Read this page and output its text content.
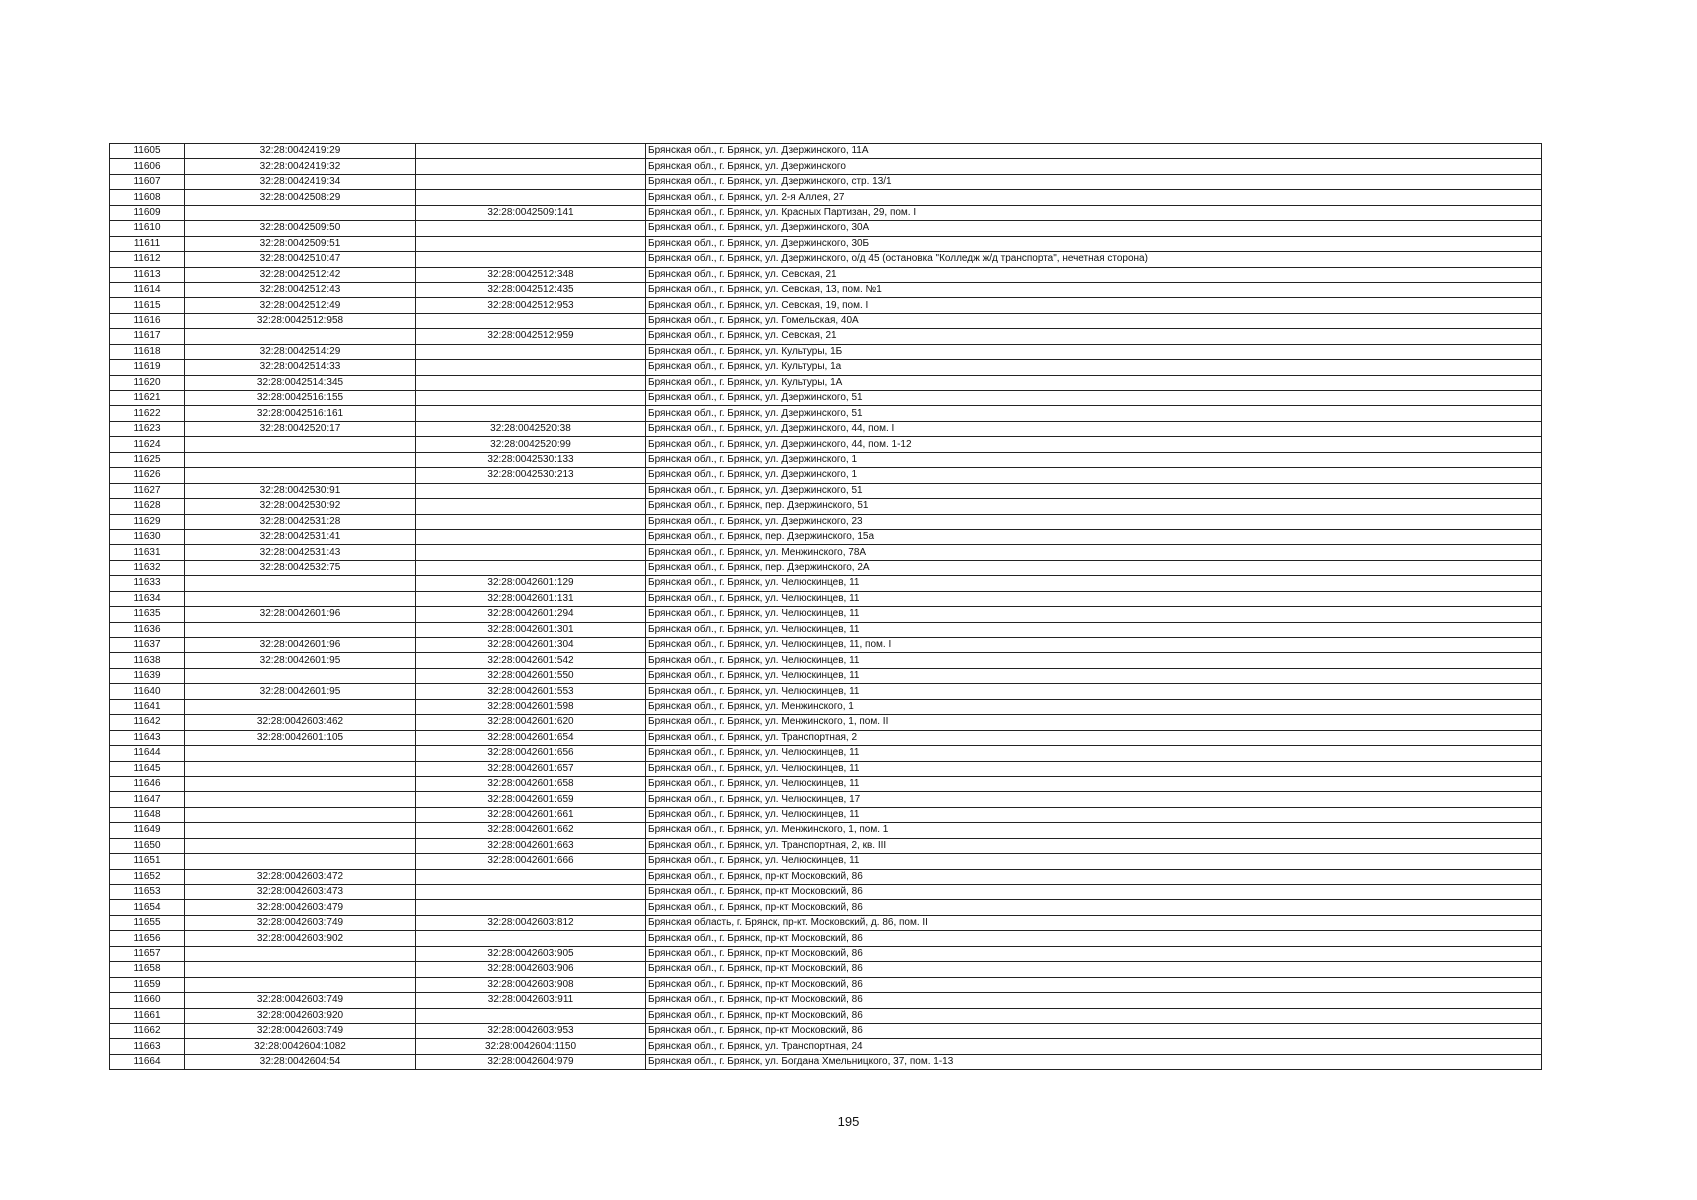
11605	32:28:0042419:29		Брянская обл., г. Брянск, ул. Дзержинского, 11А
11606	32:28:0042419:32		Брянская обл., г. Брянск, ул. Дзержинского
11607	32:28:0042419:34		Брянская обл., г. Брянск, ул. Дзержинского, стр. 13/1
11608	32:28:0042508:29		Брянская обл., г. Брянск, ул. 2-я Аллея, 27
11609		32:28:0042509:141	Брянская обл., г. Брянск, ул. Красных Партизан, 29, пом. I
11610	32:28:0042509:50		Брянская обл., г. Брянск, ул. Дзержинского, 30А
11611	32:28:0042509:51		Брянская обл., г. Брянск, ул. Дзержинского, 30Б
11612	32:28:0042510:47		Брянская обл., г. Брянск, ул. Дзержинского, о/д 45 (остановка "Колледж ж/д транспорта", нечетная сторона)
11613	32:28:0042512:42	32:28:0042512:348	Брянская обл., г. Брянск, ул. Севская, 21
11614	32:28:0042512:43	32:28:0042512:435	Брянская обл., г. Брянск, ул. Севская, 13, пом. №1
11615	32:28:0042512:49	32:28:0042512:953	Брянская обл., г. Брянск, ул. Севская, 19, пом. I
11616	32:28:0042512:958		Брянская обл., г. Брянск, ул. Гомельская, 40А
11617		32:28:0042512:959	Брянская обл., г. Брянск, ул. Севская, 21
11618	32:28:0042514:29		Брянская обл., г. Брянск, ул. Культуры, 1Б
11619	32:28:0042514:33		Брянская обл., г. Брянск, ул. Культуры, 1а
11620	32:28:0042514:345		Брянская обл., г. Брянск, ул. Культуры, 1А
11621	32:28:0042516:155		Брянская обл., г. Брянск, ул. Дзержинского, 51
11622	32:28:0042516:161		Брянская обл., г. Брянск, ул. Дзержинского, 51
11623	32:28:0042520:17	32:28:0042520:38	Брянская обл., г. Брянск, ул. Дзержинского, 44, пом. I
11624		32:28:0042520:99	Брянская обл., г. Брянск, ул. Дзержинского, 44, пом. 1-12
11625		32:28:0042530:133	Брянская обл., г. Брянск, ул. Дзержинского, 1
11626		32:28:0042530:213	Брянская обл., г. Брянск, ул. Дзержинского, 1
11627	32:28:0042530:91		Брянская обл., г. Брянск, ул. Дзержинского, 51
11628	32:28:0042530:92		Брянская обл., г. Брянск, пер. Дзержинского, 51
11629	32:28:0042531:28		Брянская обл., г. Брянск, ул. Дзержинского, 23
11630	32:28:0042531:41		Брянская обл., г. Брянск, пер. Дзержинского, 15а
11631	32:28:0042531:43		Брянская обл., г. Брянск, ул. Менжинского, 78А
11632	32:28:0042532:75		Брянская обл., г. Брянск, пер. Дзержинского, 2А
11633		32:28:0042601:129	Брянская обл., г. Брянск, ул. Челюскинцев, 11
11634		32:28:0042601:131	Брянская обл., г. Брянск, ул. Челюскинцев, 11
11635	32:28:0042601:96	32:28:0042601:294	Брянская обл., г. Брянск, ул. Челюскинцев, 11
11636		32:28:0042601:301	Брянская обл., г. Брянск, ул. Челюскинцев, 11
11637	32:28:0042601:96	32:28:0042601:304	Брянская обл., г. Брянск, ул. Челюскинцев, 11, пом. I
11638	32:28:0042601:95	32:28:0042601:542	Брянская обл., г. Брянск, ул. Челюскинцев, 11
11639		32:28:0042601:550	Брянская обл., г. Брянск, ул. Челюскинцев, 11
11640	32:28:0042601:95	32:28:0042601:553	Брянская обл., г. Брянск, ул. Челюскинцев, 11
11641		32:28:0042601:598	Брянская обл., г. Брянск, ул. Менжинского, 1
11642	32:28:0042603:462	32:28:0042601:620	Брянская обл., г. Брянск, ул. Менжинского, 1, пом. II
11643	32:28:0042601:105	32:28:0042601:654	Брянская обл., г. Брянск, ул. Транспортная, 2
11644		32:28:0042601:656	Брянская обл., г. Брянск, ул. Челюскинцев, 11
11645		32:28:0042601:657	Брянская обл., г. Брянск, ул. Челюскинцев, 11
11646		32:28:0042601:658	Брянская обл., г. Брянск, ул. Челюскинцев, 11
11647		32:28:0042601:659	Брянская обл., г. Брянск, ул. Челюскинцев, 17
11648		32:28:0042601:661	Брянская обл., г. Брянск, ул. Челюскинцев, 11
11649		32:28:0042601:662	Брянская обл., г. Брянск, ул. Менжинского, 1, пом. 1
11650		32:28:0042601:663	Брянская обл., г. Брянск, ул. Транспортная, 2, кв. III
11651		32:28:0042601:666	Брянская обл., г. Брянск, ул. Челюскинцев, 11
11652	32:28:0042603:472		Брянская обл., г. Брянск, пр-кт Московский, 86
11653	32:28:0042603:473		Брянская обл., г. Брянск, пр-кт Московский, 86
11654	32:28:0042603:479		Брянская обл., г. Брянск, пр-кт Московский, 86
11655	32:28:0042603:749	32:28:0042603:812	Брянская область, г. Брянск, пр-кт. Московский, д. 86, пом. II
11656	32:28:0042603:902		Брянская обл., г. Брянск, пр-кт Московский, 86
11657		32:28:0042603:905	Брянская обл., г. Брянск, пр-кт Московский, 86
11658		32:28:0042603:906	Брянская обл., г. Брянск, пр-кт Московский, 86
11659		32:28:0042603:908	Брянская обл., г. Брянск, пр-кт Московский, 86
11660	32:28:0042603:749	32:28:0042603:911	Брянская обл., г. Брянск, пр-кт Московский, 86
11661	32:28:0042603:920		Брянская обл., г. Брянск, пр-кт Московский, 86
11662	32:28:0042603:749	32:28:0042603:953	Брянская обл., г. Брянск, пр-кт Московский, 86
11663	32:28:0042604:1082	32:28:0042604:1150	Брянская обл., г. Брянск, ул. Транспортная, 24
11664	32:28:0042604:54	32:28:0042604:979	Брянская обл., г. Брянск, ул. Богдана Хмельницкого, 37, пом. 1-13
195
